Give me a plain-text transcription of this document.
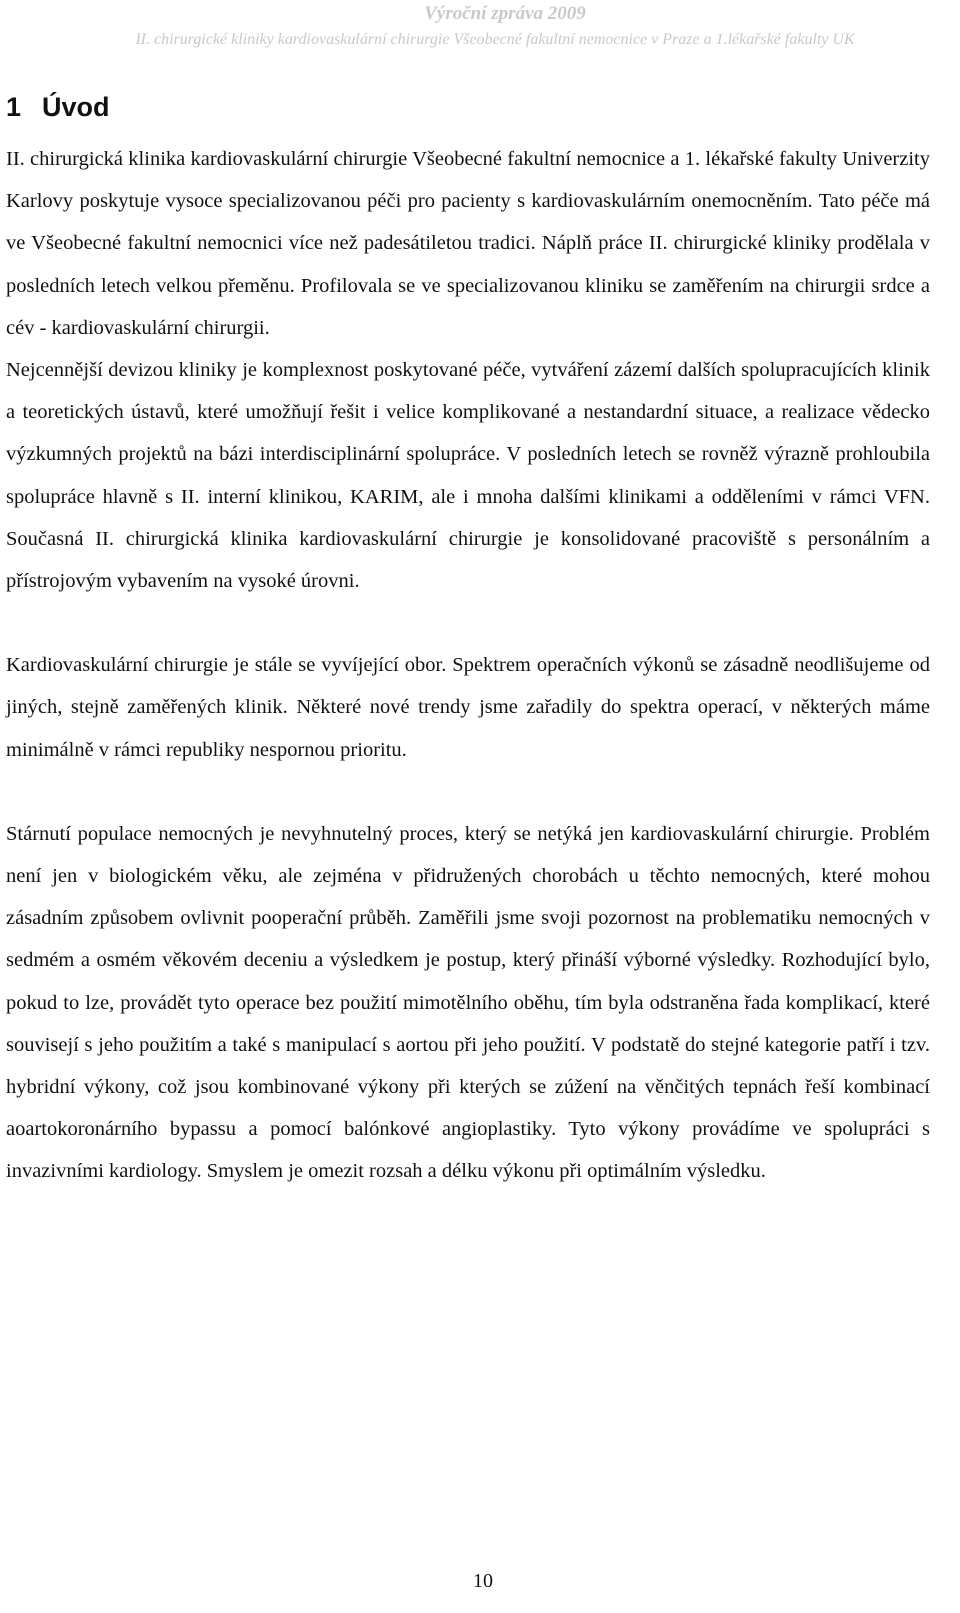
Výroční zpráva 2009
II. chirurgické kliniky kardiovaskulární chirurgie Všeobecné fakultní nemocnice v Praze a 1.lékařské fakulty UK
1 Úvod

II. chirurgická klinika kardiovaskulární chirurgie Všeobecné fakultní nemocnice a 1. lékařské fakulty Univerzity Karlovy poskytuje vysoce specializovanou péči pro pacienty s kardiovaskulárním onemocněním. Tato péče má ve Všeobecné fakultní nemocnici více než padesátiletou tradici. Náplň práce II. chirurgické kliniky prodělala v posledních letech velkou přeměnu. Profilovala se ve specializovanou kliniku se zaměřením na chirurgii srdce a cév - kardiovaskulární chirurgii.

Nejcennější devizou kliniky je komplexnost poskytované péče, vytváření zázemí dalších spolupracujících klinik a teoretických ústavů, které umožňují řešit i velice komplikované a nestandardní situace, a realizace vědecko výzkumných projektů na bázi interdisciplinární spolupráce. V posledních letech se rovněž výrazně prohloubila spolupráce hlavně s II. interní klinikou, KARIM, ale i mnoha dalšími klinikami a odděleními v rámci VFN. Současná II. chirurgická klinika kardiovaskulární chirurgie je konsolidované pracoviště s personálním a přístrojovým vybavením na vysoké úrovni.

Kardiovaskulární chirurgie je stále se vyvíjející obor. Spektrem operačních výkonů se zásadně neodlišujeme od jiných, stejně zaměřených klinik. Některé nové trendy jsme zařadily do spektra operací, v některých máme minimálně v rámci republiky nespornou prioritu.

Stárnutí populace nemocných je nevyhnutelný proces, který se netýká jen kardiovaskulární chirurgie. Problém není jen v biologickém věku, ale zejména v přidružených chorobách u těchto nemocných, které mohou zásadním způsobem ovlivnit pooperační průběh. Zaměřili jsme svoji pozornost na problematiku nemocných v sedmém a osmém věkovém deceniu a výsledkem je postup, který přináší výborné výsledky. Rozhodující bylo, pokud to lze, provádět tyto operace bez použití mimotělního oběhu, tím byla odstraněna řada komplikací, které souvisejí s jeho použitím a také s manipulací s aortou při jeho použití. V podstatě do stejné kategorie patří i tzv. hybridní výkony, což jsou kombinované výkony při kterých se zúžení na věnčitých tepnách řeší kombinací aoartokoronárního bypassu a pomocí balónkové angioplastiky. Tyto výkony provádíme ve spolupráci s invazivními kardiology. Smyslem je omezit rozsah a délku výkonu při optimálním výsledku.

10
